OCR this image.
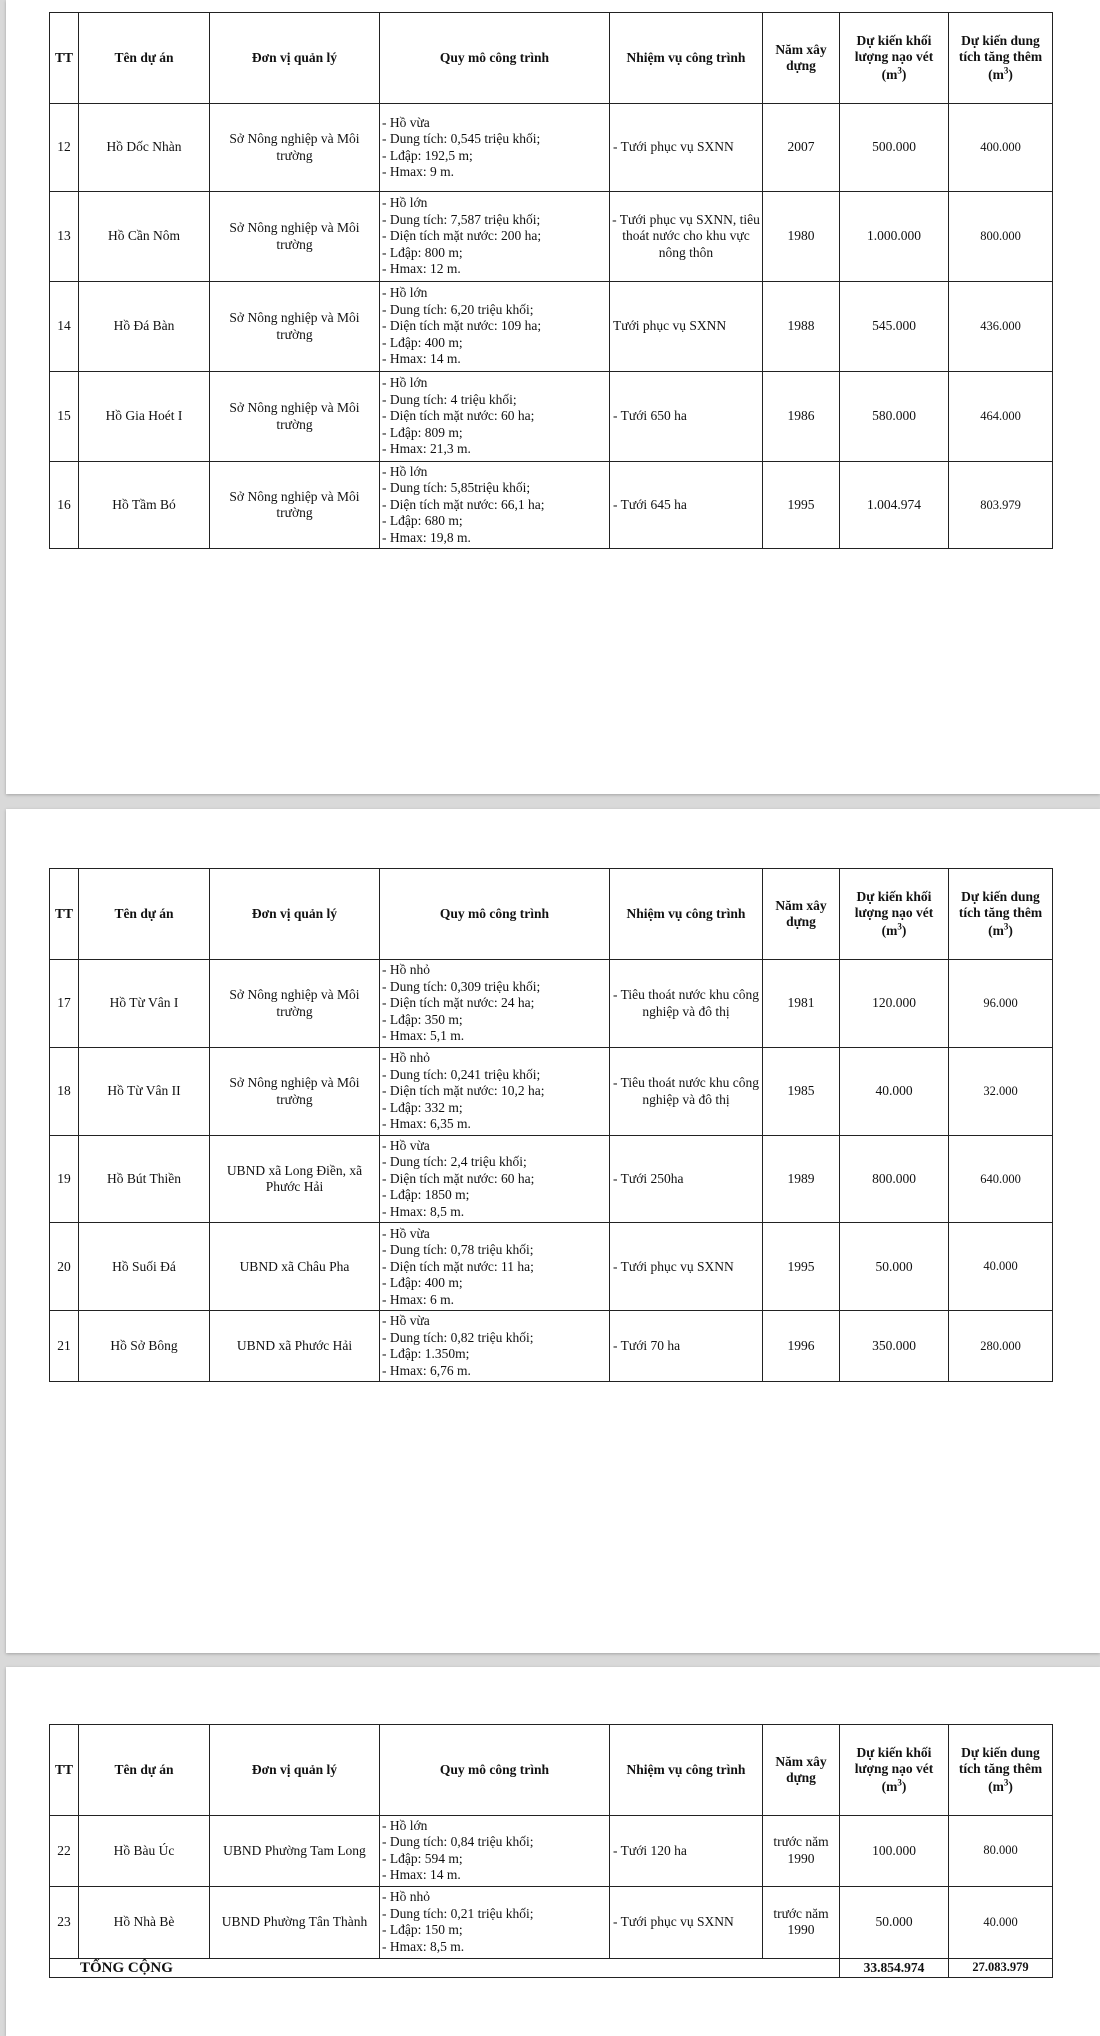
TT	Tên dự án	Đơn vị quản lý	Quy mô công trình	Nhiệm vụ công trình	Năm xây dựng	Dự kiến khối lượng nạo vét $(m^3)$	Dự kiến dung tích tăng thêm $(m^3)$
12	Hồ Dốc Nhàn	Sở Nông nghiệp và Môi trường	- Hồ vừa
- Dung tích: 0,545 triệu khối;
- Lđập: 192,5 m;
- Hmax: 9 m.	- Tưới phục vụ SXNN	2007	500.000	400.000
13	Hồ Cần Nôm	Sở Nông nghiệp và Môi trường	- Hồ lớn
- Dung tích: 7,587 triệu khối;
- Diện tích mặt nước: 200 ha;
- Lđập: 800 m;
- Hmax: 12 m.	- Tưới phục vụ SXNN, tiêu thoát nước cho khu vực nông thôn	1980	1.000.000	800.000
14	Hồ Đá Bàn	Sở Nông nghiệp và Môi trường	- Hồ lớn
- Dung tích: 6,20 triệu khối;
- Diện tích mặt nước: 109 ha;
- Lđập: 400 m;
- Hmax: 14 m.	Tưới phục vụ SXNN	1988	545.000	436.000
15	Hồ Gia Hoét I	Sở Nông nghiệp và Môi trường	- Hồ lớn
- Dung tích: 4 triệu khối;
- Diện tích mặt nước: 60 ha;
- Lđập: 809 m;
- Hmax: 21,3 m.	- Tưới 650 ha	1986	580.000	464.000
16	Hồ Tầm Bó	Sở Nông nghiệp và Môi trường	- Hồ lớn
- Dung tích: 5,85triệu khối;
- Diện tích mặt nước: 66,1 ha;
- Lđập: 680 m;
- Hmax: 19,8 m.	- Tưới 645 ha	1995	1.004.974	803.979
TT	Tên dự án	Đơn vị quản lý	Quy mô công trình	Nhiệm vụ công trình	Năm xây dựng	Dự kiến khối lượng nạo vét $(m^3)$	Dự kiến dung tích tăng thêm $(m^3)$
17	Hồ Từ Vân I	Sở Nông nghiệp và Môi trường	- Hồ nhỏ
- Dung tích: 0,309 triệu khối;
- Diện tích mặt nước: 24 ha;
- Lđập: 350 m;
- Hmax: 5,1 m.	- Tiêu thoát nước khu công nghiệp và đô thị	1981	120.000	96.000
18	Hồ Từ Vân II	Sở Nông nghiệp và Môi trường	- Hồ nhỏ
- Dung tích: 0,241 triệu khối;
- Diện tích mặt nước: 10,2 ha;
- Lđập: 332 m;
- Hmax: 6,35 m.	- Tiêu thoát nước khu công nghiệp và đô thị	1985	40.000	32.000
19	Hồ Bút Thiền	UBND xã Long Điền, xã Phước Hải	- Hồ vừa
- Dung tích: 2,4 triệu khối;
- Diện tích mặt nước: 60 ha;
- Lđập: 1850 m;
- Hmax: 8,5 m.	- Tưới 250ha	1989	800.000	640.000
20	Hồ Suối Đá	UBND xã Châu Pha	- Hồ vừa
- Dung tích: 0,78 triệu khối;
- Diện tích mặt nước: 11 ha;
- Lđập: 400 m;
- Hmax: 6 m.	- Tưới phục vụ SXNN	1995	50.000	40.000
21	Hồ Sở Bông	UBND xã Phước Hải	- Hồ vừa
- Dung tích: 0,82 triệu khối;
- Lđập: 1.350m;
- Hmax: 6,76 m.	- Tưới 70 ha	1996	350.000	280.000
TT	Tên dự án	Đơn vị quản lý	Quy mô công trình	Nhiệm vụ công trình	Năm xây dựng	Dự kiến khối lượng nạo vét $(m^3)$	Dự kiến dung tích tăng thêm $(m^3)$
22	Hồ Bàu Úc	UBND Phường Tam Long	- Hồ lớn
- Dung tích: 0,84 triệu khối;
- Lđập: 594 m;
- Hmax: 14 m.	- Tưới 120 ha	trước năm 1990	100.000	80.000
23	Hồ Nhà Bè	UBND Phường Tân Thành	- Hồ nhỏ
- Dung tích: 0,21 triệu khối;
- Lđập: 150 m;
- Hmax: 8,5 m.	- Tưới phục vụ SXNN	trước năm 1990	50.000	40.000
TỔNG CỘNG						33.854.974	27.083.979
